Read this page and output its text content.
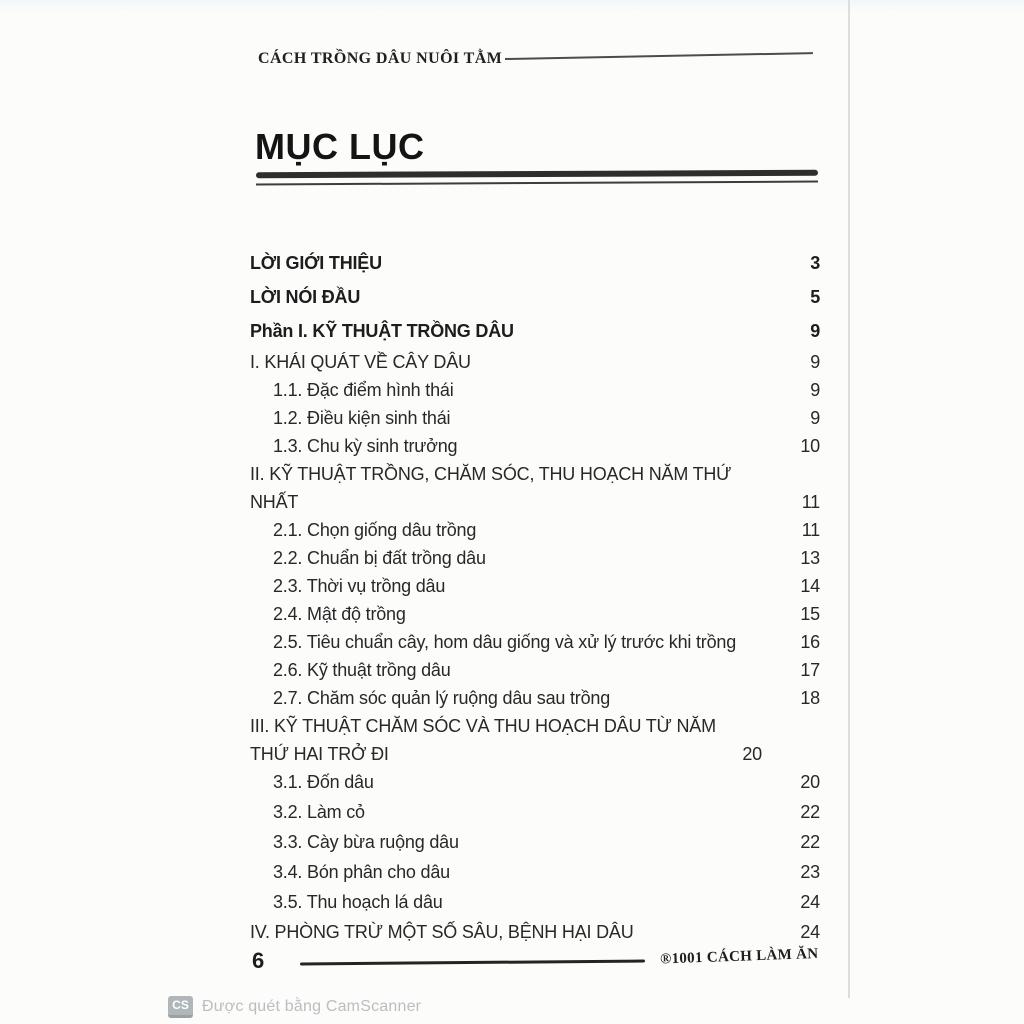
CÁCH TRỒNG DÂU NUÔI TẰM
MỤC LỤC
LỜI GIỚI THIỆU	3
LỜI NÓI ĐẦU	5
Phần I. KỸ THUẬT TRỒNG DÂU	9
I. KHÁI QUÁT VỀ CÂY DÂU	9
1.1. Đặc điểm hình thái	9
1.2. Điều kiện sinh thái	9
1.3. Chu kỳ sinh trưởng	10
II. KỸ THUẬT TRỒNG, CHĂM SÓC, THU HOẠCH NĂM THỨ NHẤT	11
2.1. Chọn giống dâu trồng	11
2.2. Chuẩn bị đất trồng dâu	13
2.3. Thời vụ trồng dâu	14
2.4. Mật độ trồng	15
2.5. Tiêu chuẩn cây, hom dâu giống và xử lý trước khi trồng	16
2.6. Kỹ thuật trồng dâu	17
2.7. Chăm sóc quản lý ruộng dâu sau trồng	18
III. KỸ THUẬT CHĂM SÓC VÀ THU HOẠCH DÂU TỪ NĂM THỨ HAI TRỞ ĐI	20
3.1. Đốn dâu	20
3.2. Làm cỏ	22
3.3. Cày bừa ruộng dâu	22
3.4. Bón phân cho dâu	23
3.5. Thu hoạch lá dâu	24
IV. PHÒNG TRỪ MỘT SỐ SÂU, BỆNH HẠI DÂU	24
6	®1001 CÁCH LÀM ĂN
CS Được quét bằng CamScanner
